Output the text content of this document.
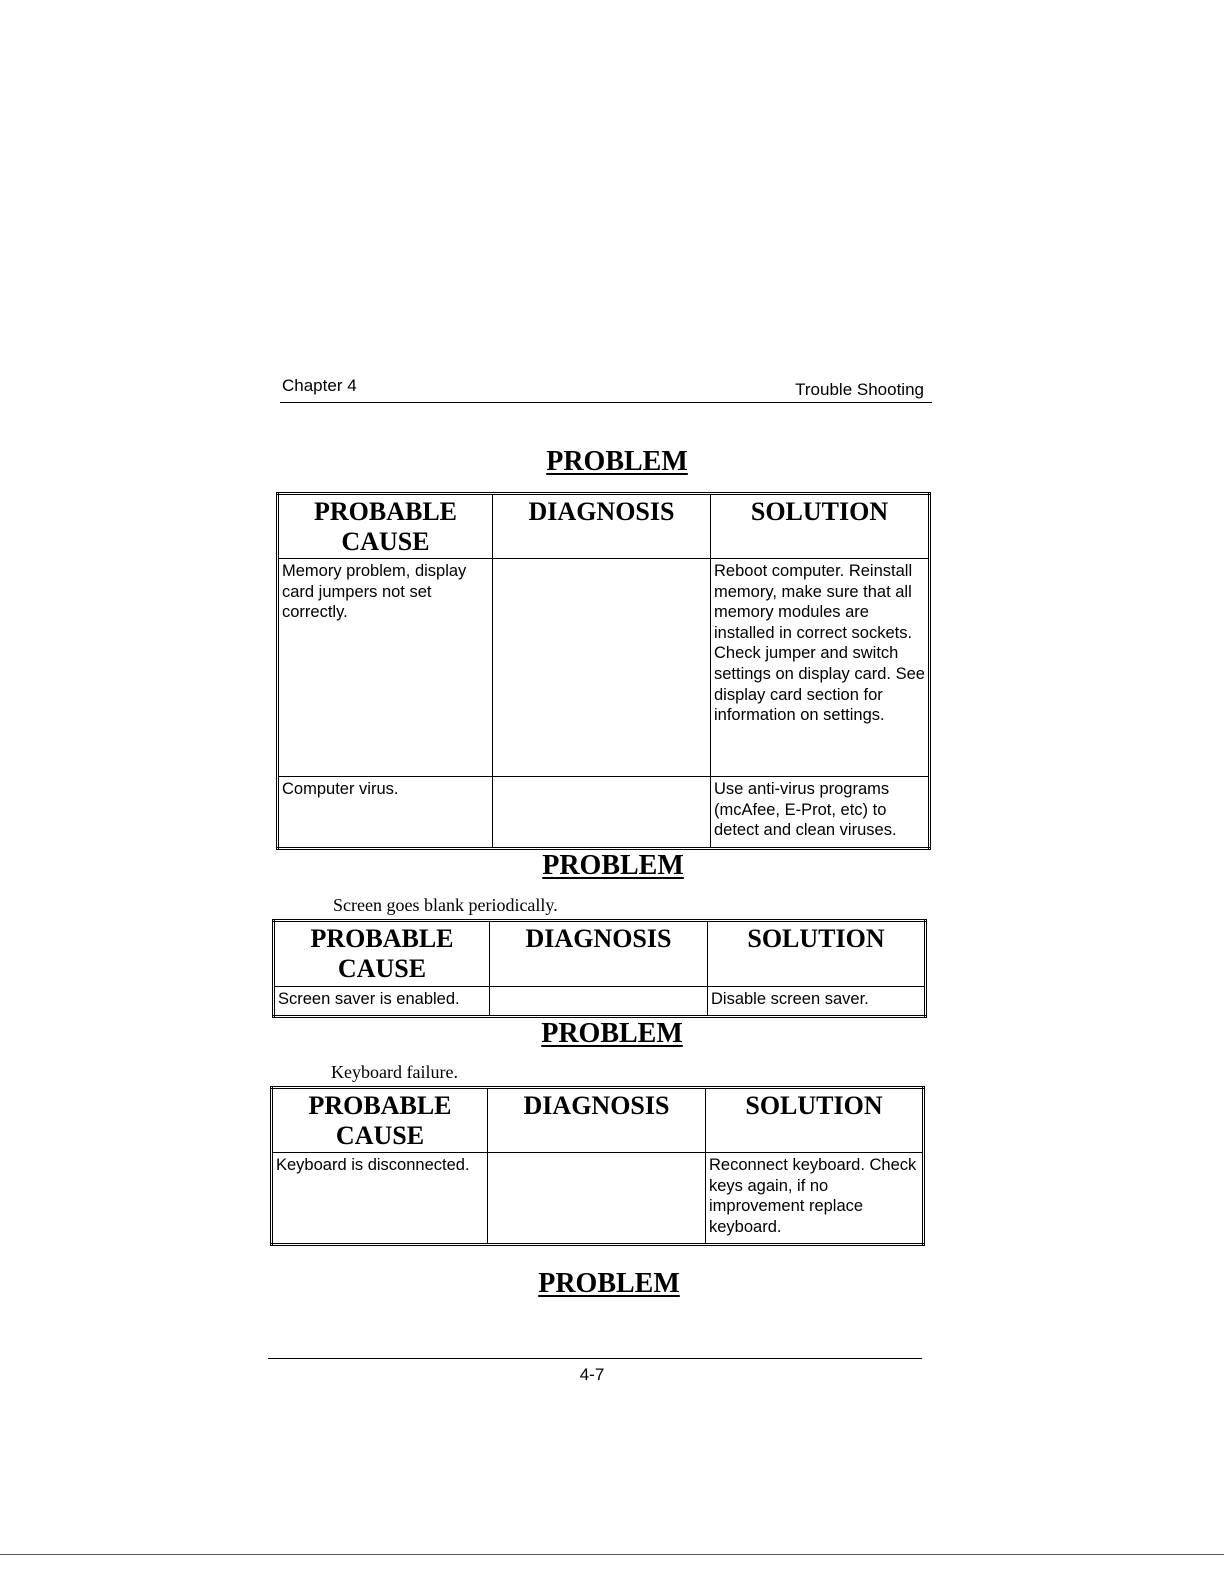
Chapter 4	Trouble Shooting
PROBLEM
PROBABLE CAUSE	DIAGNOSIS	SOLUTION
Memory problem, display card jumpers not set correctly.		Reboot computer. Reinstall memory, make sure that all memory modules are installed in correct sockets. Check jumper and switch settings on display card. See display card section for information on settings.
Computer virus.		Use anti-virus programs (mcAfee, E-Prot, etc) to detect and clean viruses.
PROBLEM
Screen goes blank periodically.
PROBABLE CAUSE	DIAGNOSIS	SOLUTION
Screen saver is enabled.		Disable screen saver.
PROBLEM
Keyboard failure.
PROBABLE CAUSE	DIAGNOSIS	SOLUTION
Keyboard is disconnected.		Reconnect keyboard. Check keys again, if no improvement replace keyboard.
PROBLEM
4-7
